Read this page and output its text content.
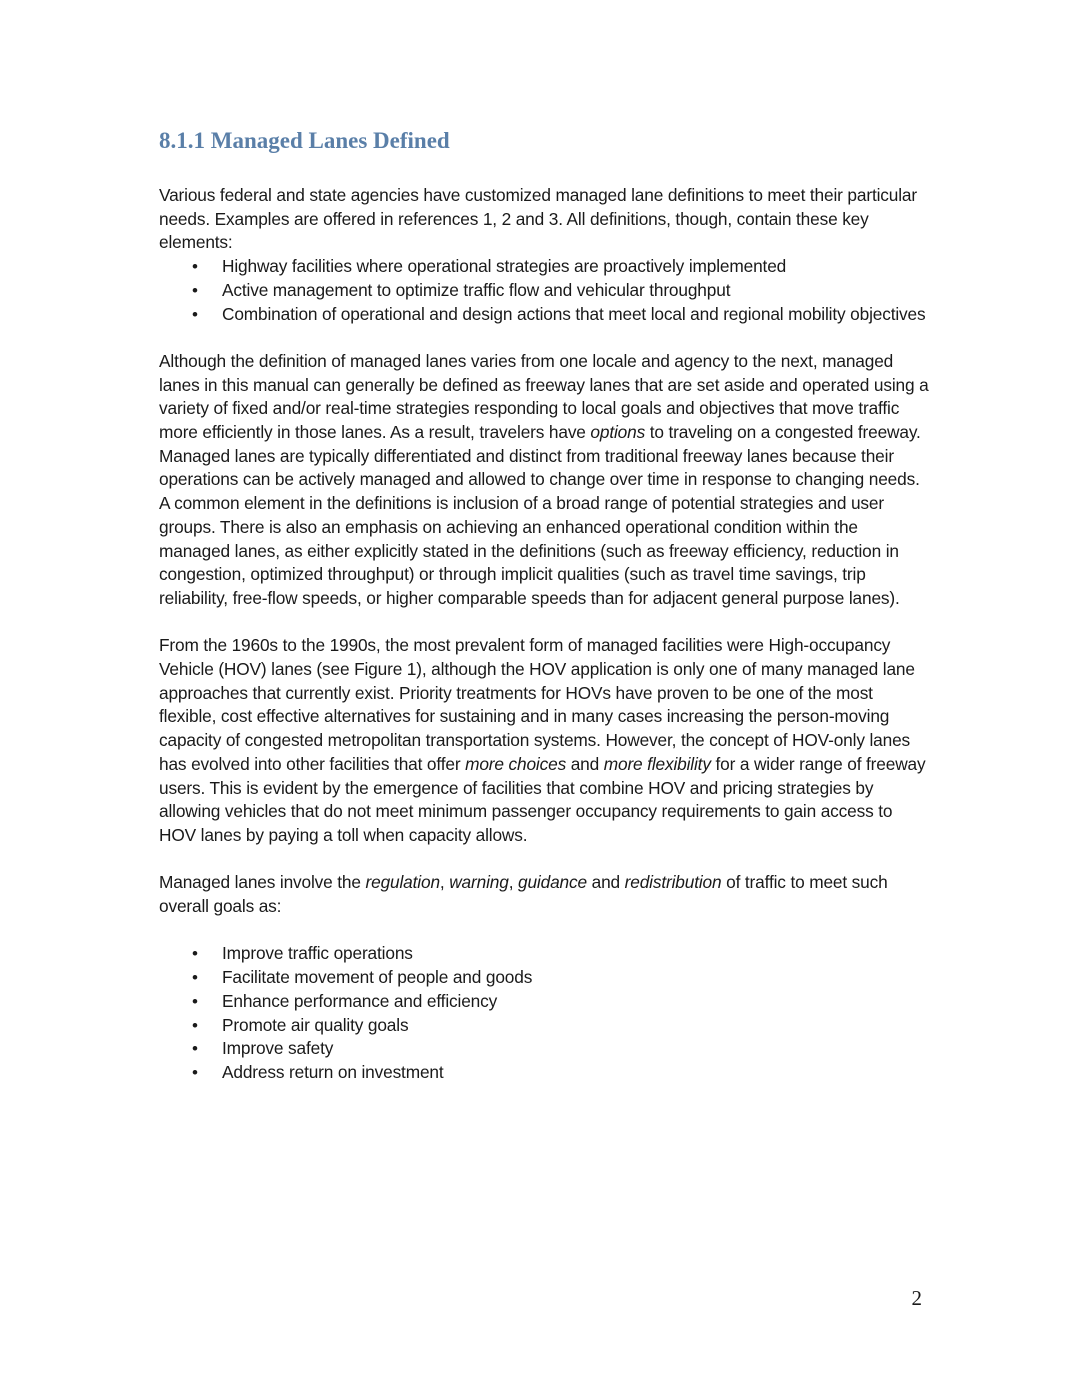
8.1.1 Managed Lanes Defined

Various federal and state agencies have customized managed lane definitions to meet their particular needs. Examples are offered in references 1, 2 and 3. All definitions, though, contain these key elements:

• Highway facilities where operational strategies are proactively implemented
• Active management to optimize traffic flow and vehicular throughput
• Combination of operational and design actions that meet local and regional mobility objectives

Although the definition of managed lanes varies from one locale and agency to the next, managed lanes in this manual can generally be defined as freeway lanes that are set aside and operated using a variety of fixed and/or real-time strategies responding to local goals and objectives that move traffic more efficiently in those lanes. As a result, travelers have options to traveling on a congested freeway. Managed lanes are typically differentiated and distinct from traditional freeway lanes because their operations can be actively managed and allowed to change over time in response to changing needs. A common element in the definitions is inclusion of a broad range of potential strategies and user groups. There is also an emphasis on achieving an enhanced operational condition within the managed lanes, as either explicitly stated in the definitions (such as freeway efficiency, reduction in congestion, optimized throughput) or through implicit qualities (such as travel time savings, trip reliability, free-flow speeds, or higher comparable speeds than for adjacent general purpose lanes).

From the 1960s to the 1990s, the most prevalent form of managed facilities were High-occupancy Vehicle (HOV) lanes (see Figure 1), although the HOV application is only one of many managed lane approaches that currently exist. Priority treatments for HOVs have proven to be one of the most flexible, cost effective alternatives for sustaining and in many cases increasing the person-moving capacity of congested metropolitan transportation systems. However, the concept of HOV-only lanes has evolved into other facilities that offer more choices and more flexibility for a wider range of freeway users. This is evident by the emergence of facilities that combine HOV and pricing strategies by allowing vehicles that do not meet minimum passenger occupancy requirements to gain access to HOV lanes by paying a toll when capacity allows.

Managed lanes involve the regulation, warning, guidance and redistribution of traffic to meet such overall goals as:

• Improve traffic operations
• Facilitate movement of people and goods
• Enhance performance and efficiency
• Promote air quality goals
• Improve safety
• Address return on investment
2
